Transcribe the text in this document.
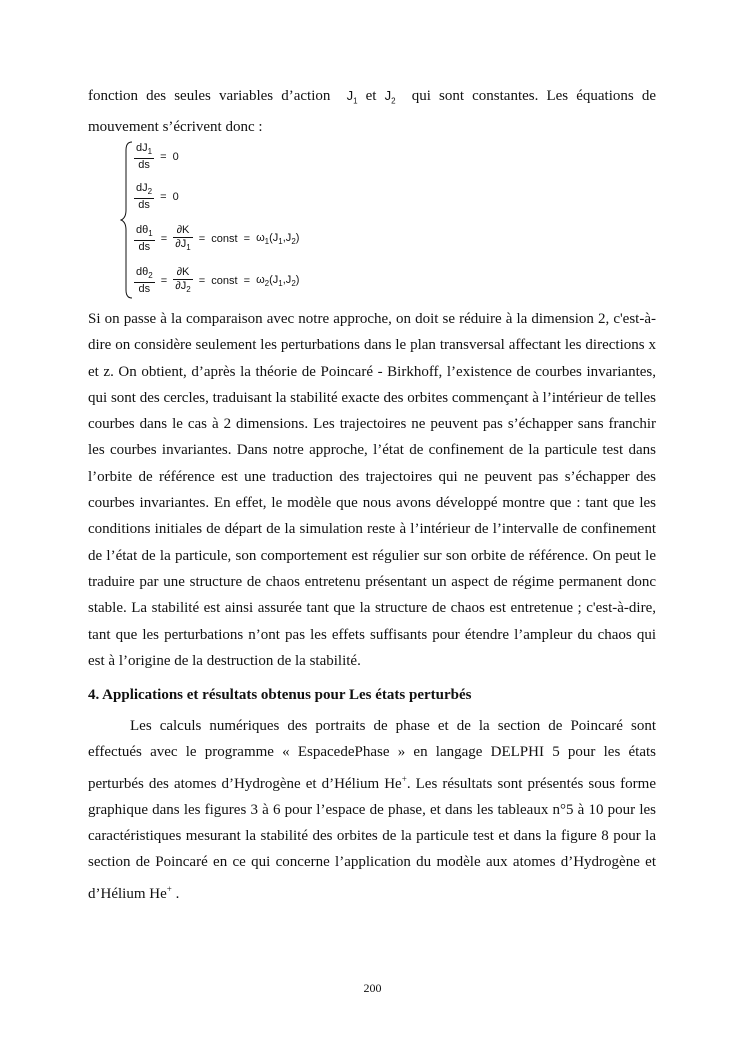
fonction des seules variables d’action $J_1$ et $J_2$ qui sont constantes. Les équations de
mouvement s’écrivent donc :
$\frac{dJ_1}{ds} = 0$
$\frac{dJ_2}{ds} = 0$
$\frac{d\theta_1}{ds} = \frac{\partial K}{\partial J_1}$ = const = $\omega_1(J_1,J_2)$
$\frac{d\theta_2}{ds} = \frac{\partial K}{\partial J_2}$ = const = $\omega_2(J_1,J_2)$
Si on passe à la comparaison avec notre approche, on doit se réduire à la dimension 2, c'est-à-dire on considère seulement les perturbations dans le plan transversal affectant les directions x et z. On obtient, d’après la théorie de Poincaré - Birkhoff, l’existence de courbes invariantes, qui sont des cercles, traduisant la stabilité exacte des orbites commençant à l’intérieur de telles courbes dans le cas à 2 dimensions. Les trajectoires ne peuvent pas s’échapper sans franchir les courbes invariantes. Dans notre approche, l’état de confinement de la particule test dans l’orbite de référence est une traduction des trajectoires qui ne peuvent pas s’échapper des courbes invariantes. En effet, le modèle que nous avons développé montre que : tant que les conditions initiales de départ de la simulation reste à l’intérieur de l’intervalle de confinement de l’état de la particule, son comportement est régulier sur son orbite de référence. On peut le traduire par une structure de chaos entretenu présentant un aspect de régime permanent donc stable. La stabilité est ainsi assurée tant que la structure de chaos est entretenue ; c'est-à-dire, tant que les perturbations n’ont pas les effets suffisants pour étendre l’ampleur du chaos qui est à l’origine de la destruction de la stabilité.
4. Applications et résultats obtenus pour Les états perturbés
Les calculs numériques des portraits de phase et de la section de Poincaré sont effectués avec le programme « EspacedePhase » en langage DELPHI 5 pour les états perturbés des atomes d’Hydrogène et d’Hélium He+. Les résultats sont présentés sous forme graphique dans les figures 3 à 6 pour l’espace de phase, et dans les tableaux n°5 à 10 pour les caractéristiques mesurant la stabilité des orbites de la particule test et dans la figure 8 pour la section de Poincaré en ce qui concerne l’application du modèle aux atomes d’Hydrogène et d’Hélium He+ .
200
